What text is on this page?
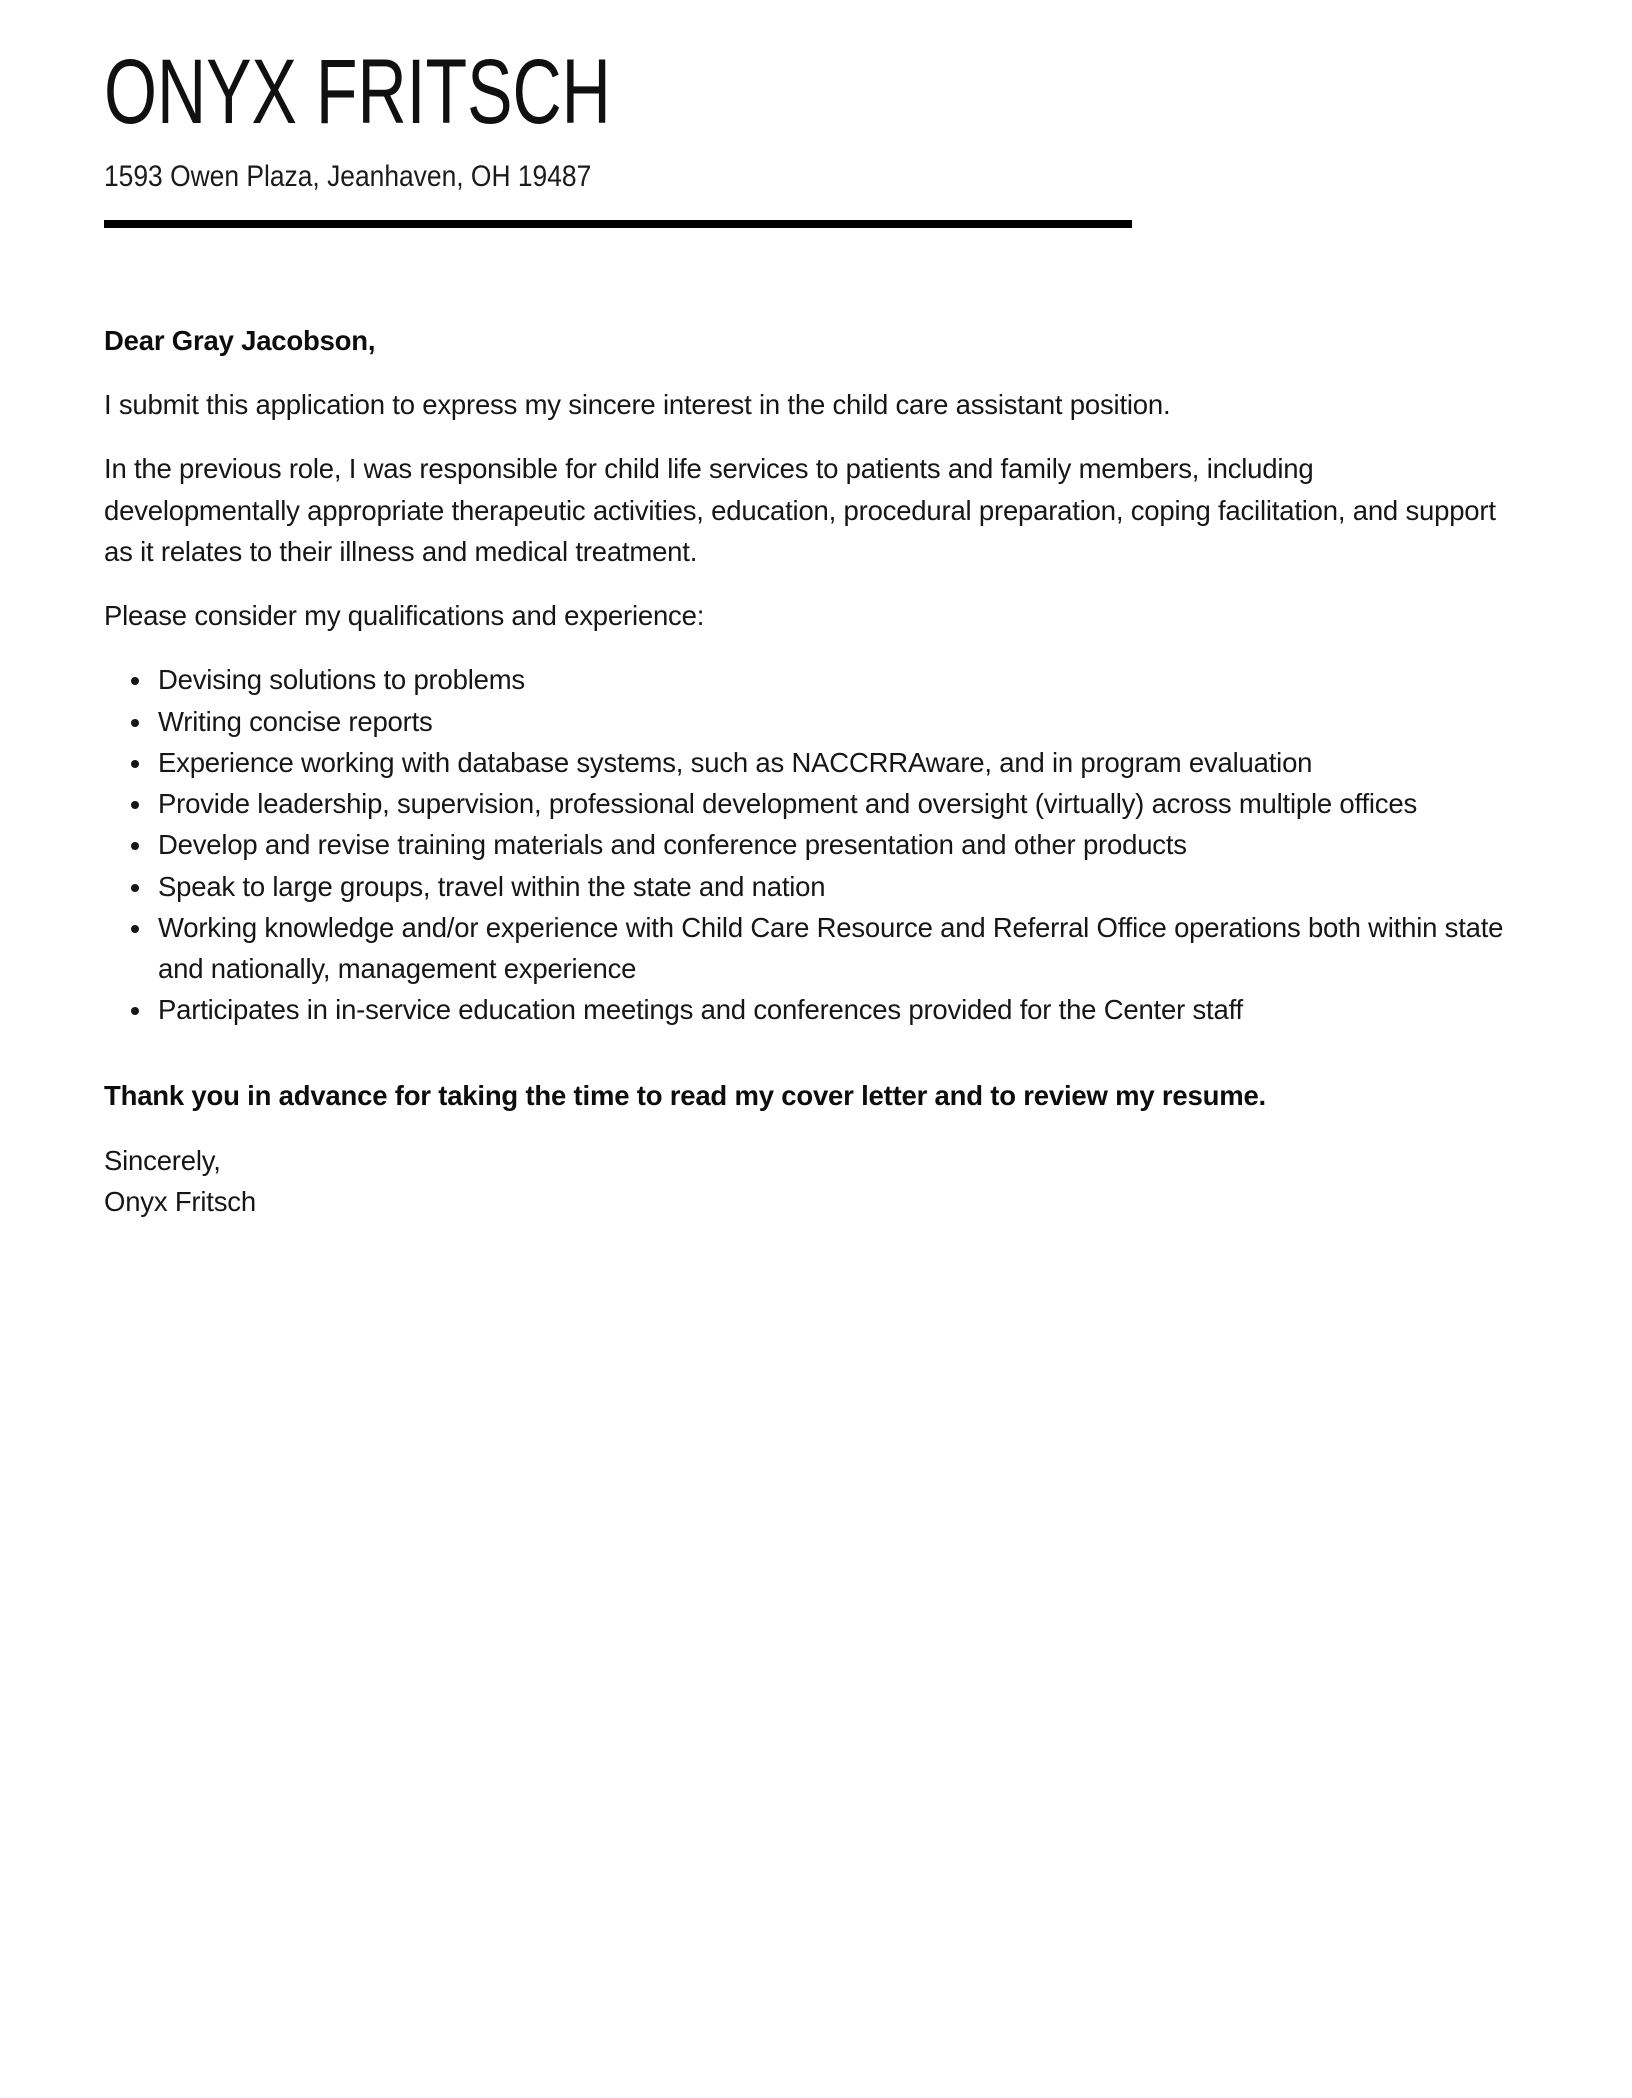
ONYX FRITSCH
1593 Owen Plaza, Jeanhaven, OH 19487

Dear Gray Jacobson,

I submit this application to express my sincere interest in the child care assistant position.

In the previous role, I was responsible for child life services to patients and family members, including developmentally appropriate therapeutic activities, education, procedural preparation, coping facilitation, and support as it relates to their illness and medical treatment.

Please consider my qualifications and experience:

• Devising solutions to problems
• Writing concise reports
• Experience working with database systems, such as NACCRRAware, and in program evaluation
• Provide leadership, supervision, professional development and oversight (virtually) across multiple offices
• Develop and revise training materials and conference presentation and other products
• Speak to large groups, travel within the state and nation
• Working knowledge and/or experience with Child Care Resource and Referral Office operations both within state and nationally, management experience
• Participates in in-service education meetings and conferences provided for the Center staff

Thank you in advance for taking the time to read my cover letter and to review my resume.

Sincerely,

Onyx Fritsch
